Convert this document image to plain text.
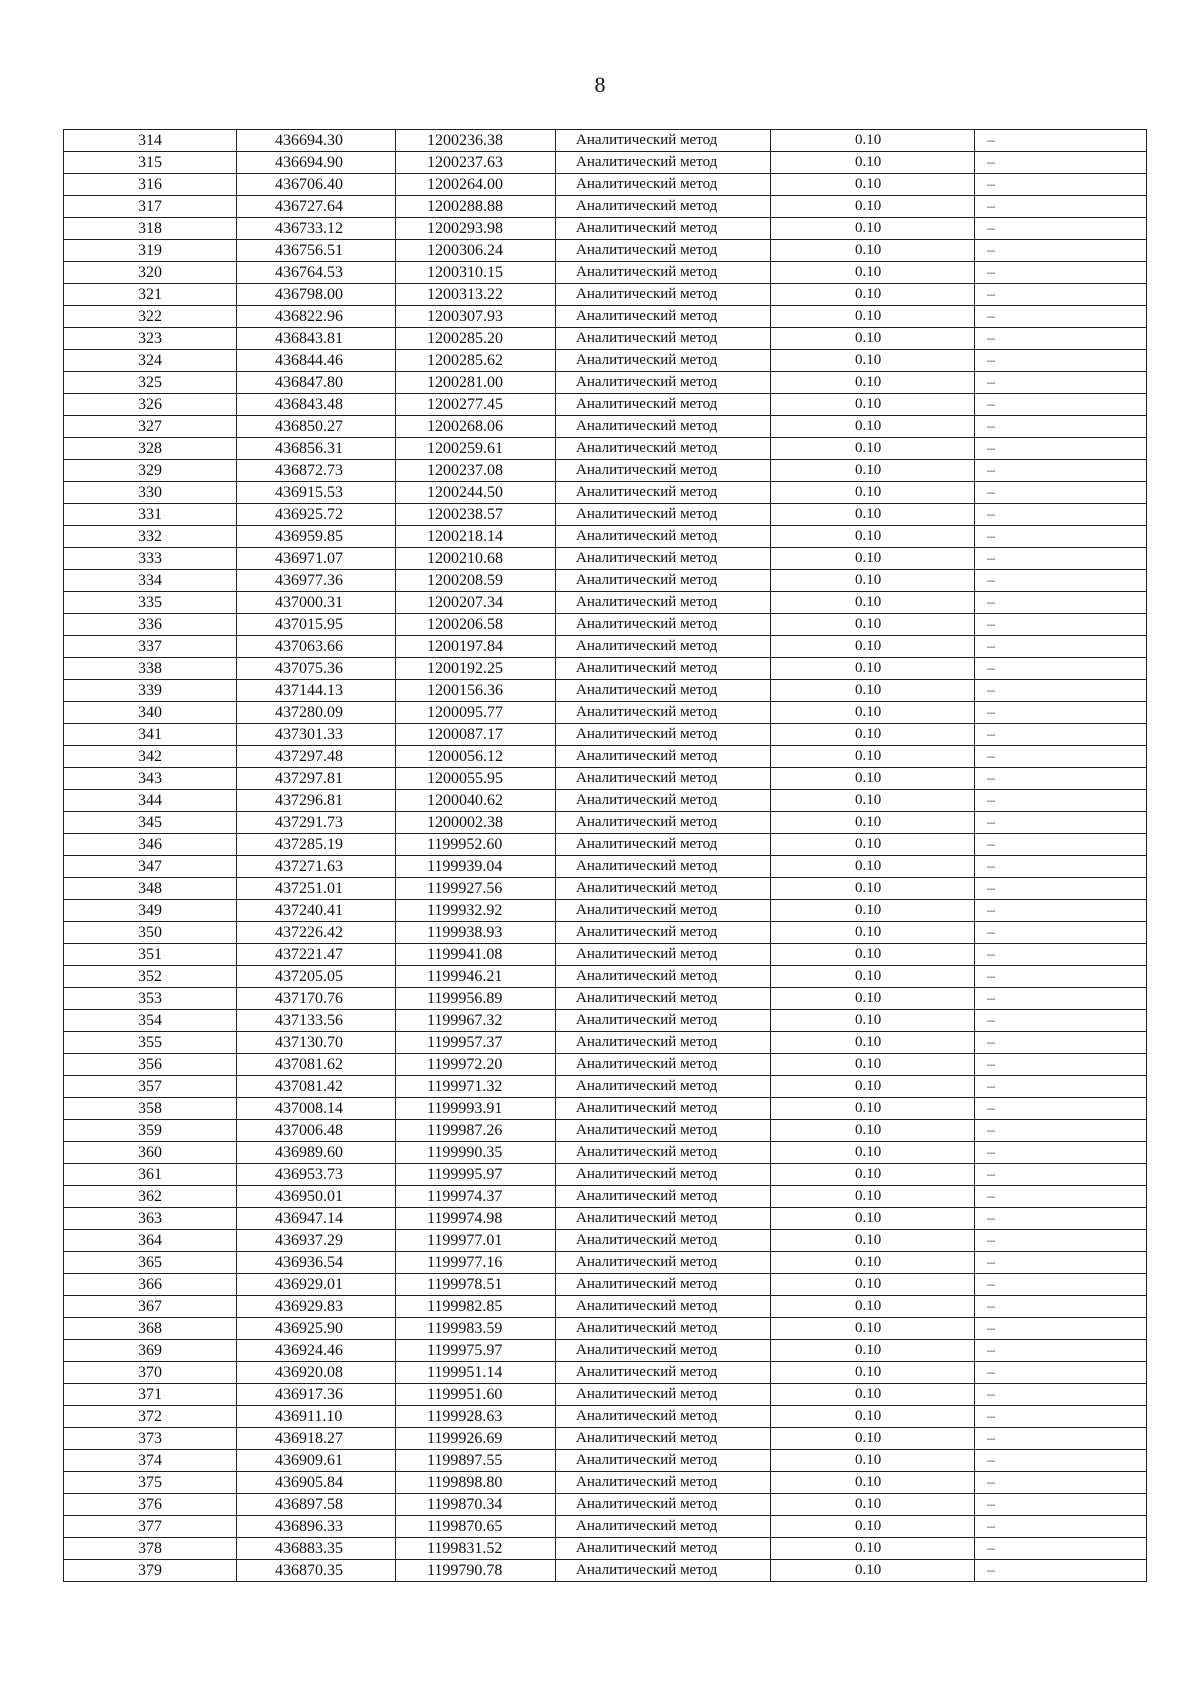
8
314	436694.30	1200236.38	Аналитический метод	0.10	–
315	436694.90	1200237.63	Аналитический метод	0.10	–
316	436706.40	1200264.00	Аналитический метод	0.10	–
317	436727.64	1200288.88	Аналитический метод	0.10	–
318	436733.12	1200293.98	Аналитический метод	0.10	–
319	436756.51	1200306.24	Аналитический метод	0.10	–
320	436764.53	1200310.15	Аналитический метод	0.10	–
321	436798.00	1200313.22	Аналитический метод	0.10	–
322	436822.96	1200307.93	Аналитический метод	0.10	–
323	436843.81	1200285.20	Аналитический метод	0.10	–
324	436844.46	1200285.62	Аналитический метод	0.10	–
325	436847.80	1200281.00	Аналитический метод	0.10	–
326	436843.48	1200277.45	Аналитический метод	0.10	–
327	436850.27	1200268.06	Аналитический метод	0.10	–
328	436856.31	1200259.61	Аналитический метод	0.10	–
329	436872.73	1200237.08	Аналитический метод	0.10	–
330	436915.53	1200244.50	Аналитический метод	0.10	–
331	436925.72	1200238.57	Аналитический метод	0.10	–
332	436959.85	1200218.14	Аналитический метод	0.10	–
333	436971.07	1200210.68	Аналитический метод	0.10	–
334	436977.36	1200208.59	Аналитический метод	0.10	–
335	437000.31	1200207.34	Аналитический метод	0.10	–
336	437015.95	1200206.58	Аналитический метод	0.10	–
337	437063.66	1200197.84	Аналитический метод	0.10	–
338	437075.36	1200192.25	Аналитический метод	0.10	–
339	437144.13	1200156.36	Аналитический метод	0.10	–
340	437280.09	1200095.77	Аналитический метод	0.10	–
341	437301.33	1200087.17	Аналитический метод	0.10	–
342	437297.48	1200056.12	Аналитический метод	0.10	–
343	437297.81	1200055.95	Аналитический метод	0.10	–
344	437296.81	1200040.62	Аналитический метод	0.10	–
345	437291.73	1200002.38	Аналитический метод	0.10	–
346	437285.19	1199952.60	Аналитический метод	0.10	–
347	437271.63	1199939.04	Аналитический метод	0.10	–
348	437251.01	1199927.56	Аналитический метод	0.10	–
349	437240.41	1199932.92	Аналитический метод	0.10	–
350	437226.42	1199938.93	Аналитический метод	0.10	–
351	437221.47	1199941.08	Аналитический метод	0.10	–
352	437205.05	1199946.21	Аналитический метод	0.10	–
353	437170.76	1199956.89	Аналитический метод	0.10	–
354	437133.56	1199967.32	Аналитический метод	0.10	–
355	437130.70	1199957.37	Аналитический метод	0.10	–
356	437081.62	1199972.20	Аналитический метод	0.10	–
357	437081.42	1199971.32	Аналитический метод	0.10	–
358	437008.14	1199993.91	Аналитический метод	0.10	–
359	437006.48	1199987.26	Аналитический метод	0.10	–
360	436989.60	1199990.35	Аналитический метод	0.10	–
361	436953.73	1199995.97	Аналитический метод	0.10	–
362	436950.01	1199974.37	Аналитический метод	0.10	–
363	436947.14	1199974.98	Аналитический метод	0.10	–
364	436937.29	1199977.01	Аналитический метод	0.10	–
365	436936.54	1199977.16	Аналитический метод	0.10	–
366	436929.01	1199978.51	Аналитический метод	0.10	–
367	436929.83	1199982.85	Аналитический метод	0.10	–
368	436925.90	1199983.59	Аналитический метод	0.10	–
369	436924.46	1199975.97	Аналитический метод	0.10	–
370	436920.08	1199951.14	Аналитический метод	0.10	–
371	436917.36	1199951.60	Аналитический метод	0.10	–
372	436911.10	1199928.63	Аналитический метод	0.10	–
373	436918.27	1199926.69	Аналитический метод	0.10	–
374	436909.61	1199897.55	Аналитический метод	0.10	–
375	436905.84	1199898.80	Аналитический метод	0.10	–
376	436897.58	1199870.34	Аналитический метод	0.10	–
377	436896.33	1199870.65	Аналитический метод	0.10	–
378	436883.35	1199831.52	Аналитический метод	0.10	–
379	436870.35	1199790.78	Аналитический метод	0.10	–
